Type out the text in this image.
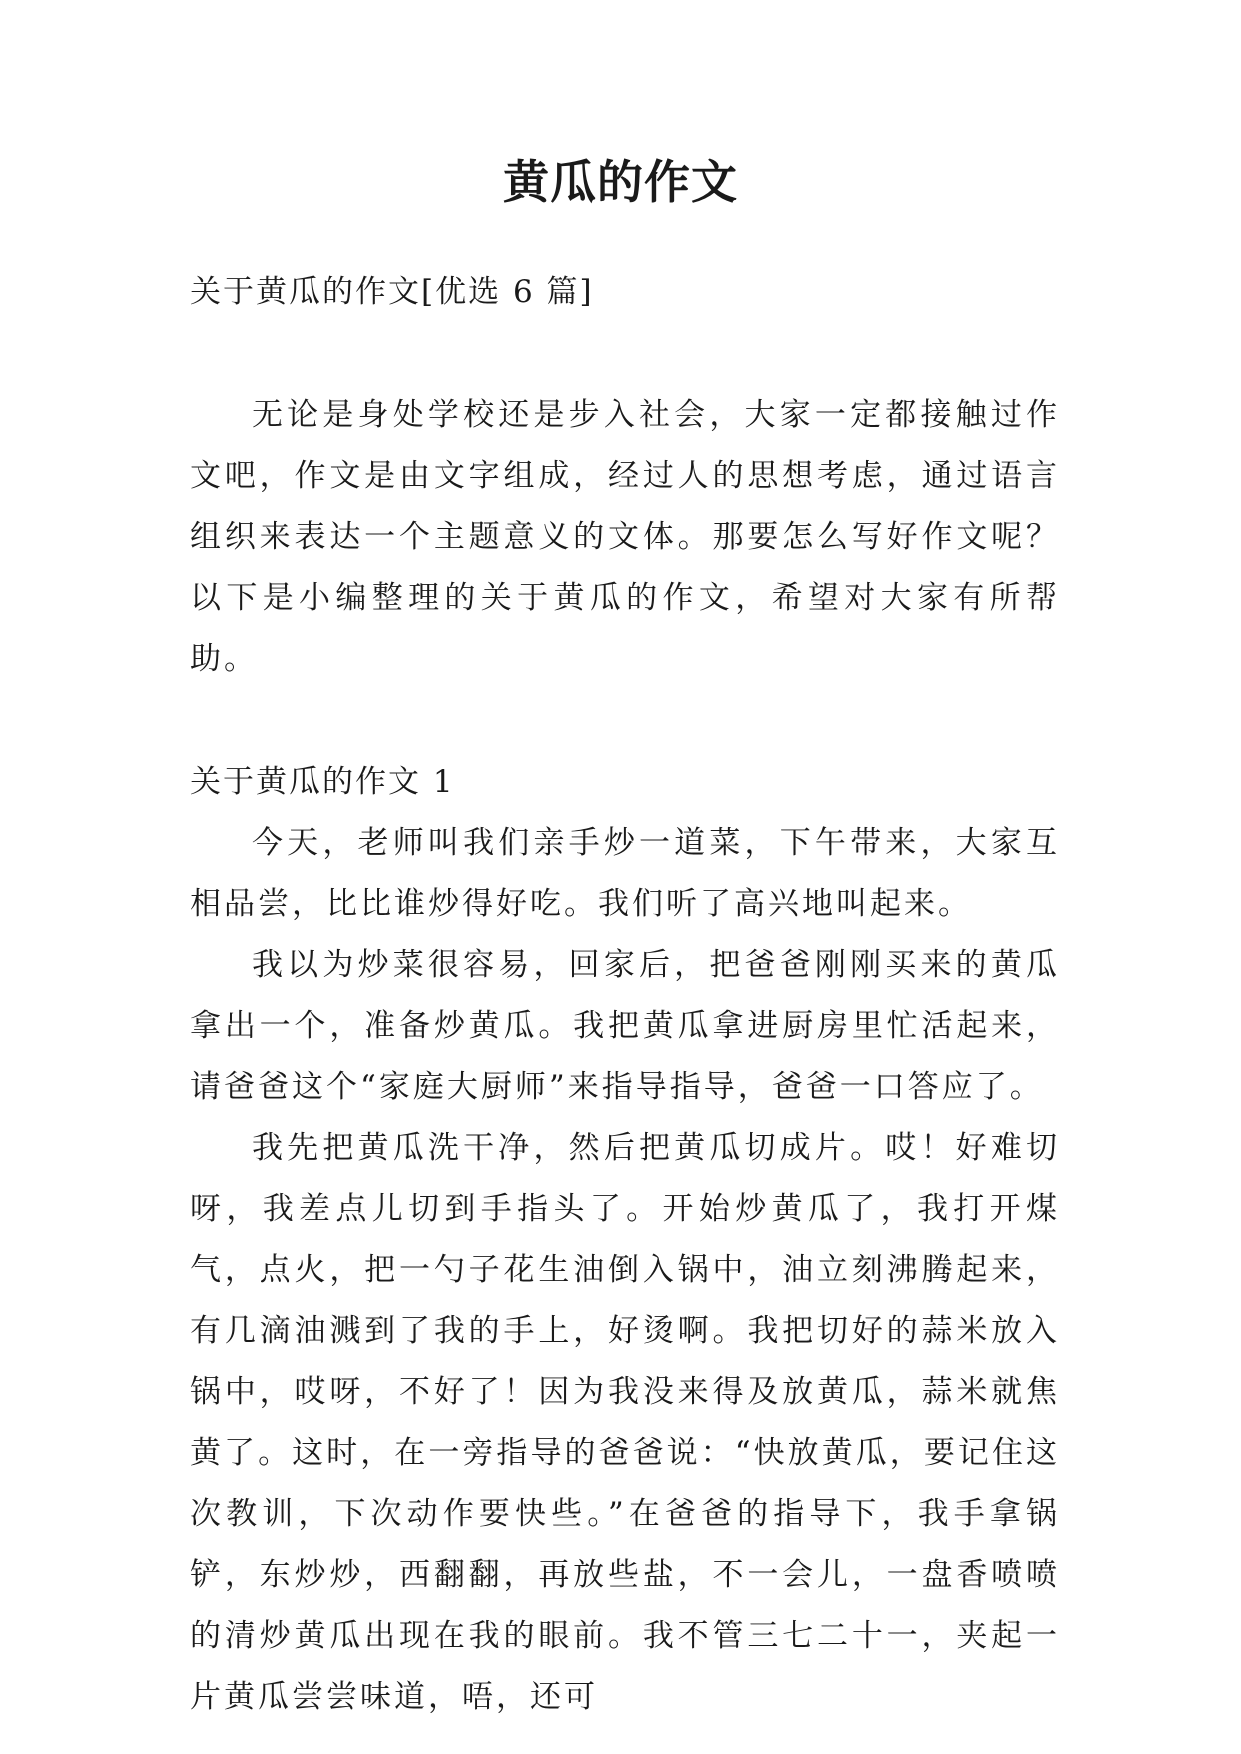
黄瓜的作文

关于黄瓜的作文[优选 6 篇]

无论是身处学校还是步入社会，大家一定都接触过作文吧，作文是由文字组成，经过人的思想考虑，通过语言组织来表达一个主题意义的文体。那要怎么写好作文呢？以下是小编整理的关于黄瓜的作文，希望对大家有所帮助。

关于黄瓜的作文 1

今天，老师叫我们亲手炒一道菜，下午带来，大家互相品尝，比比谁炒得好吃。我们听了高兴地叫起来。

我以为炒菜很容易，回家后，把爸爸刚刚买来的黄瓜拿出一个，准备炒黄瓜。我把黄瓜拿进厨房里忙活起来，请爸爸这个“家庭大厨师”来指导指导，爸爸一口答应了。

我先把黄瓜洗干净，然后把黄瓜切成片。哎！好难切呀，我差点儿切到手指头了。开始炒黄瓜了，我打开煤气，点火，把一勺子花生油倒入锅中，油立刻沸腾起来，有几滴油溅到了我的手上，好烫啊。我把切好的蒜米放入锅中，哎呀，不好了！因为我没来得及放黄瓜，蒜米就焦黄了。这时，在一旁指导的爸爸说：“快放黄瓜，要记住这次教训，下次动作要快些。”在爸爸的指导下，我手拿锅铲，东炒炒，西翻翻，再放些盐，不一会儿，一盘香喷喷的清炒黄瓜出现在我的眼前。我不管三七二十一，夹起一片黄瓜尝尝味道，唔，还可
